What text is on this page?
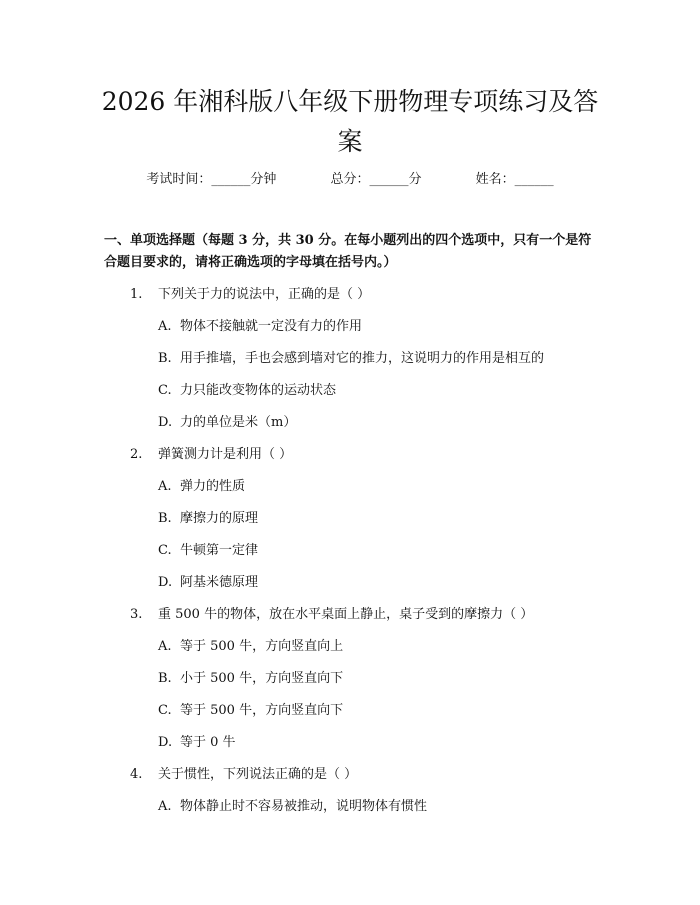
2026 年湘科版八年级下册物理专项练习及答
案
考试时间：______分钟	总分：______分	姓名：______
一、单项选择题（每题 3 分，共 30 分。在每小题列出的四个选项中，只有一个是符合题目要求的，请将正确选项的字母填在括号内。）
1. 下列关于力的说法中，正确的是（ ）
A. 物体不接触就一定没有力的作用
B. 用手推墙，手也会感到墙对它的推力，这说明力的作用是相互的
C. 力只能改变物体的运动状态
D. 力的单位是米（m）
2. 弹簧测力计是利用（ ）
A. 弹力的性质
B. 摩擦力的原理
C. 牛顿第一定律
D. 阿基米德原理
3. 重 500 牛的物体，放在水平桌面上静止，桌子受到的摩擦力（ ）
A. 等于 500 牛，方向竖直向上
B. 小于 500 牛，方向竖直向下
C. 等于 500 牛，方向竖直向下
D. 等于 0 牛
4. 关于惯性，下列说法正确的是（ ）
A. 物体静止时不容易被推动，说明物体有惯性
